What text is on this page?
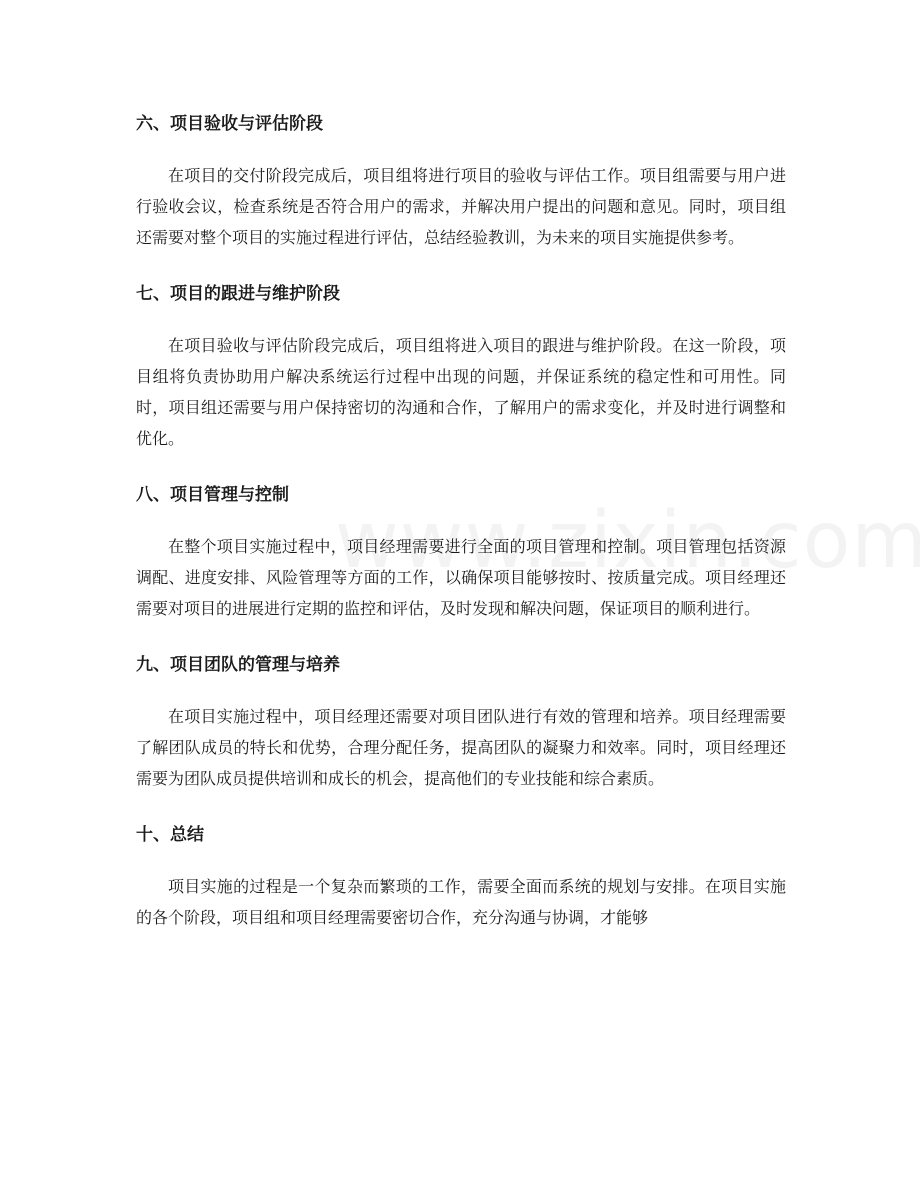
六、项目验收与评估阶段

在项目的交付阶段完成后，项目组将进行项目的验收与评估工作。项目组需要与用户进行验收会议，检查系统是否符合用户的需求，并解决用户提出的问题和意见。同时，项目组还需要对整个项目的实施过程进行评估，总结经验教训，为未来的项目实施提供参考。

七、项目的跟进与维护阶段

在项目验收与评估阶段完成后，项目组将进入项目的跟进与维护阶段。在这一阶段，项目组将负责协助用户解决系统运行过程中出现的问题，并保证系统的稳定性和可用性。同时，项目组还需要与用户保持密切的沟通和合作，了解用户的需求变化，并及时进行调整和优化。

八、项目管理与控制

在整个项目实施过程中，项目经理需要进行全面的项目管理和控制。项目管理包括资源调配、进度安排、风险管理等方面的工作，以确保项目能够按时、按质量完成。项目经理还需要对项目的进展进行定期的监控和评估，及时发现和解决问题，保证项目的顺利进行。

九、项目团队的管理与培养

在项目实施过程中，项目经理还需要对项目团队进行有效的管理和培养。项目经理需要了解团队成员的特长和优势，合理分配任务，提高团队的凝聚力和效率。同时，项目经理还需要为团队成员提供培训和成长的机会，提高他们的专业技能和综合素质。

十、总结

项目实施的过程是一个复杂而繁琐的工作，需要全面而系统的规划与安排。在项目实施的各个阶段，项目组和项目经理需要密切合作，充分沟通与协调，才能够
